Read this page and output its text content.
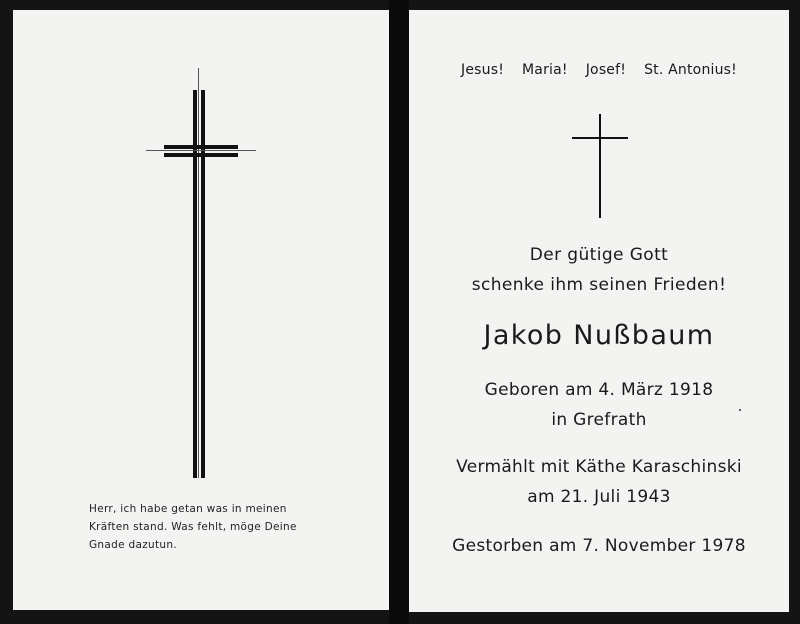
Herr, ich habe getan was in meinen
Kräften stand. Was fehlt, möge Deine
Gnade dazutun.
Jesus! Maria! Josef! St. Antonius!
Der gütige Gott
schenke ihm seinen Frieden!
Jakob Nußbaum
Geboren am 4. März 1918
in Grefrath
Vermählt mit Käthe Karaschinski
am 21. Juli 1943
Gestorben am 7. November 1978
